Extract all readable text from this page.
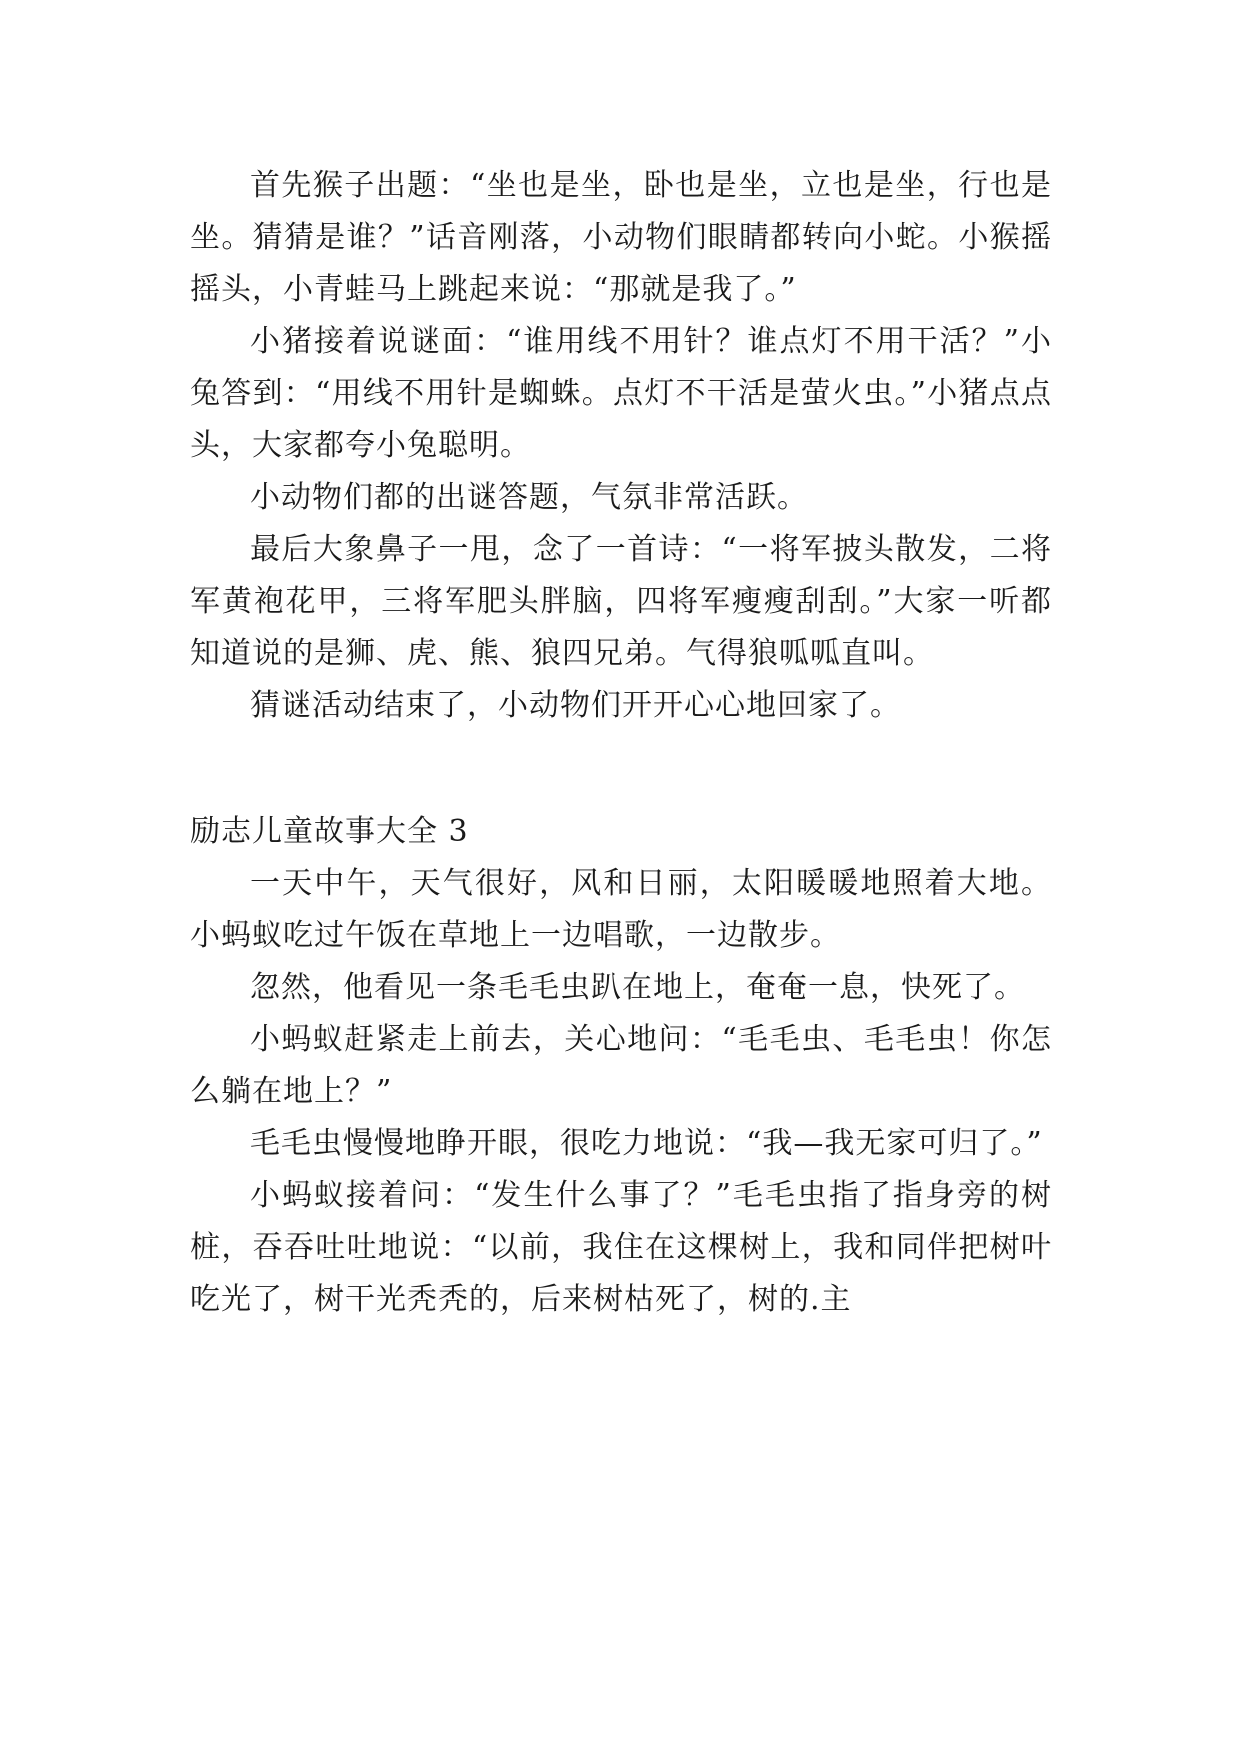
首先猴子出题：“坐也是坐，卧也是坐，立也是坐，行也是坐。猜猜是谁？”话音刚落，小动物们眼睛都转向小蛇。小猴摇摇头，小青蛙马上跳起来说：“那就是我了。”

小猪接着说谜面：“谁用线不用针？谁点灯不用干活？”小兔答到：“用线不用针是蜘蛛。点灯不干活是萤火虫。”小猪点点头，大家都夸小兔聪明。

小动物们都的出谜答题，气氛非常活跃。

最后大象鼻子一甩，念了一首诗：“一将军披头散发，二将军黄袍花甲，三将军肥头胖脑，四将军瘦瘦刮刮。”大家一听都知道说的是狮、虎、熊、狼四兄弟。气得狼呱呱直叫。

猜谜活动结束了，小动物们开开心心地回家了。

励志儿童故事大全 3

一天中午，天气很好，风和日丽，太阳暖暖地照着大地。小蚂蚁吃过午饭在草地上一边唱歌，一边散步。

忽然，他看见一条毛毛虫趴在地上，奄奄一息，快死了。

小蚂蚁赶紧走上前去，关心地问：“毛毛虫、毛毛虫！你怎么躺在地上？”

毛毛虫慢慢地睁开眼，很吃力地说：“我—我无家可归了。”

小蚂蚁接着问：“发生什么事了？”毛毛虫指了指身旁的树桩，吞吞吐吐地说：“以前，我住在这棵树上，我和同伴把树叶吃光了，树干光秃秃的，后来树枯死了，树的.主
